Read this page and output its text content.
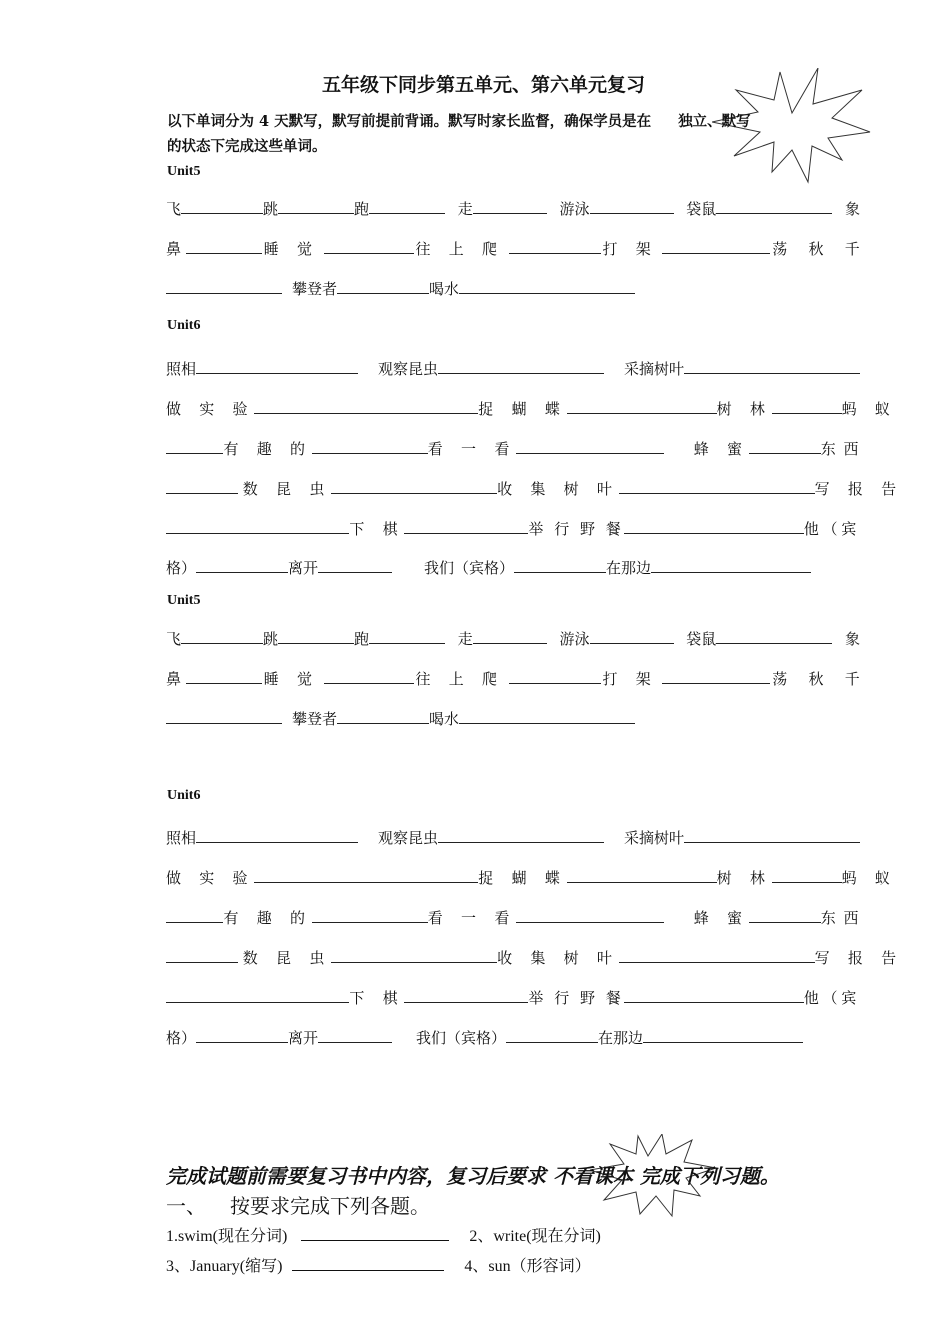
五年级下同步第五单元、第六单元复习
以下单词分为 4 天默写，默写前提前背诵。默写时家长监督，确保学员是在 独立、默写
的状态下完成这些单词。
Unit5
飞	跳	跑	走	游泳	袋鼠	象
鼻	睡 觉	往 上 爬	打 架	荡 秋 千
攀登者	喝水
Unit6
照相	观察昆虫	采摘树叶
做 实 验	捉 蝴 蝶	树 林	蚂 蚁
有 趣 的	看 一 看	蜂 蜜	东 西
数 昆 虫	收 集 树 叶	写 报 告
下 棋	举 行 野 餐	他（宾
格）	离开	我们（宾格）	在那边
Unit5
飞	跳	跑	走	游泳	袋鼠	象
鼻	睡 觉	往 上 爬	打 架	荡 秋 千
攀登者	喝水
Unit6
照相	观察昆虫	采摘树叶
做 实 验	捉 蝴 蝶	树 林	蚂 蚁
有 趣 的	看 一 看	蜂 蜜	东 西
数 昆 虫	收 集 树 叶	写 报 告
下 棋	举 行 野 餐	他（宾
格）	离开	我们（宾格）	在那边
完成试题前需要复习书中内容，复习后要求 不看课本 完成下列习题。
一、 按要求完成下列各题。
1.swim(现在分词)	2、write(现在分词)
3、January(缩写)	4、sun（形容词）
